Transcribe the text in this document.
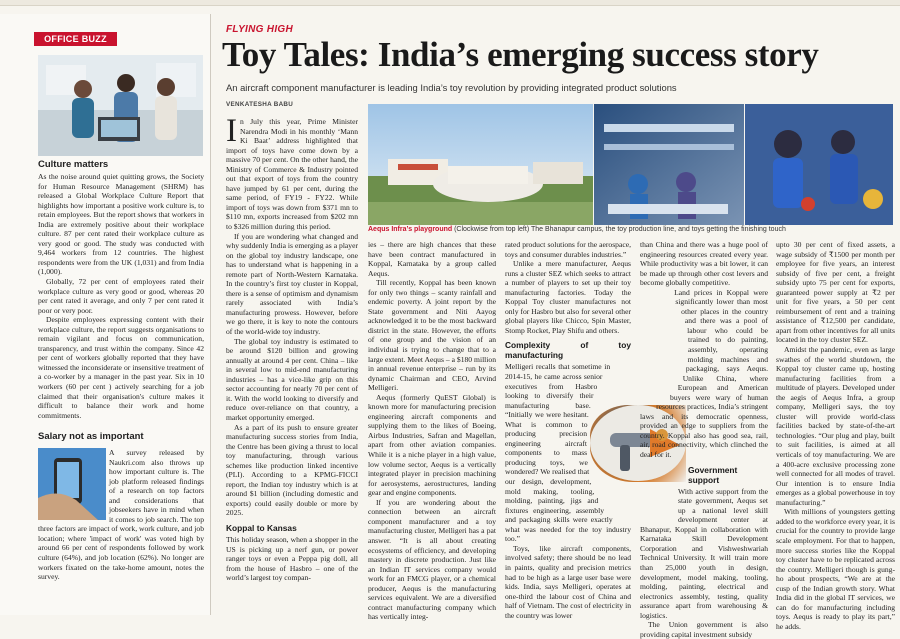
OFFICE BUZZ
Culture matters

As the noise around quiet quitting grows, the Society for Human Resource Management (SHRM) has released a Global Workplace Culture Report that highlights how important a positive work culture is, to retain employees. But the report shows that workers in India are extremely positive about their workplace culture. 87 per cent rated their workplace culture as very good or good. The study was conducted with 9,464 workers from 12 countries. The highest respondents were from the UK (1,031) and from India (1,000).

Globally, 72 per cent of employees rated their workplace culture as very good or good, whereas 20 per cent rated it average, and only 7 per cent rated it poor or very poor.

Despite employees expressing content with their workplace culture, the report suggests organisations to remain vigilant and focus on communication, transparency, and trust within the company. Since 42 per cent of workers globally reported that they have witnessed the inconsiderate or insensitive treatment of a co-worker by a manager in the past year. Six in 10 workers (60 per cent ) actively searching for a job claimed that their organisation's culture makes it difficult to balance their work and home commitments.

Salary not as important

A survey released by Naukri.com also throws up how important culture is. The job platform released findings of a research on top factors and considerations that jobseekers have in mind when it comes to job search. The top three factors are impact of work, work culture, and job location; where 'impact of work' was voted high by around 66 per cent of respondents followed by work culture (64%), and job location (62%). No longer are workers fixated on the take-home amount, notes the survey.

FLYING HIGH
Toy Tales: India’s emerging success story
An aircraft component manufacturer is leading India’s toy revolution by providing integrated product solutions
VENKATESHA BABU
Aequs Infra’s playground (Clockwise from top left) The Bhanapur campus, the toy production line, and toys getting the finishing touch

In July this year, Prime Minister Narendra Modi in his monthly ‘Mann Ki Baat’ address highlighted that import of toys have come down by a massive 70 per cent. On the other hand, the Ministry of Commerce & Industry pointed out that export of toys from the country have jumped by 61 per cent, during the same period, of FY19 - FY22. While import of toys was down from $371 mn to $110 mn, exports increased from $202 mn to $326 million during this period.

If you are wondering what changed and why suddenly India is emerging as a player on the global toy industry landscape, one has to understand what is happening in a remote part of North-Western Karnataka. In the country’s first toy cluster in Koppal, there is a sense of optimism and dynamism rarely associated with India’s manufacturing prowess. However, before we go there, it is key to note the contours of the world-wide toy industry.

The global toy industry is estimated to be around $120 billion and growing annually at around 4 per cent. China – like in several low to mid-end manufacturing industries – has a vice-like grip on this sector accounting for nearly 70 per cent of it. With the world looking to diversify and reduce over-reliance on that country, a market opportunity emerged.

As a part of its push to ensure greater manufacturing success stories from India, the Centre has been giving a thrust to local toy manufacturing, through various schemes like production linked incentive (PLI). According to a KPMG-FICCI report, the Indian toy industry which is at around $1 billion (including domestic and exports) could easily double or more by 2025.

Koppal to Kansas

This holiday season, when a shopper in the US is picking up a nerf gun, or power ranger toys or even a Peppa pig doll, all from the house of Hasbro – one of the world’s largest toy compan-

ies – there are high chances that these have been contract manufactured in Koppal, Karnataka by a group called Aequs.

Till recently, Koppal has been known for only two things – scanty rainfall and endemic poverty. A joint report by the State government and Niti Aayog acknowledged it to be the most backward district in the state. However, the efforts of one group and the vision of an individual is trying to change that to a large extent. Meet Aequs – a $180 million in annual revenue enterprise – run by its dynamic Chairman and CEO, Arvind Melligeri.

Aequs (formerly QuEST Global) is known more for manufacturing precision engineering aircraft components and supplying them to the likes of Boeing, Airbus Industries, Safran and Magellan, apart from other aviation companies. While it is a niche player in a high value, low volume sector, Aequs is a vertically integrated player in precision machining for aerosystems, aerostructures, landing gear and engine components.

If you are wondering about the connection between an aircraft component manufacturer and a toy manufacturing cluster, Melligeri has a pat answer. “It is all about creating ecosystems of efficiency, and developing mastery in discrete production. Just like an Indian IT services company would work for an FMCG player, or a chemical producer, Aequs is the manufacturing services equivalent. We are a diversified contract manufacturing company which has vertically integ-

rated product solutions for the aerospace, toys and consumer durables industries.”

Unlike a mere manufacturer, Aequs runs a cluster SEZ which seeks to attract a number of players to set up their toy manufacturing factories. Today the Koppal Toy cluster manufactures not only for Hasbro but also for several other global players like Chicco, Spin Master, Stomp Rocket, Play Shifu and others.

Complexity of toy manufacturing

Melligeri recalls that sometime in 2014-15, he came across senior executives from Hasbro looking to diversify their manufacturing base. “Initially we were hesitant. What is common to producing precision engineering aircraft components to mass producing toys, we wondered? We realised that our design, development, mold making, tooling, molding, painting, jigs and fixtures engineering, assembly and packaging skills were exactly what was needed for the toy industry too.”

Toys, like aircraft components, involved safety; there should be no lead in paints, quality and precision metrics had to be high as a large user base were kids. India, says Melligeri, operates at one-third the labour cost of China and half of Vietnam. The cost of electricity in the country was lower

than China and there was a huge pool of engineering resources created every year. While productivity was a bit lower, it can be made up through other cost levers and become globally competitive.

Land prices in Koppal were significantly lower than most other places in the country and there was a pool of labour who could be trained to do painting, assembly, operating molding machines and packaging, says Aequs. Unlike China, where European and American buyers were wary of human resources practices, India’s stringent laws and its democratic openness, provided an edge to suppliers from the country. Koppal also has good sea, rail, air, road connectivity, which clinched the deal for it.

Government support

With active support from the state government, Aequs set up a national level skill development center at Bhanapur, Koppal in collaboration with Karnataka Skill Development Corporation and Vishweshwariah Technical University. It will train more than 25,000 youth in design, development, model making, tooling, molding, painting, electrical and electronics assembly, testing, quality assurance apart from warehousing & logistics.

The Union government is also providing capital investment subsidy

upto 30 per cent of fixed assets, a wage subsidy of ₹1500 per month per employee for five years, an interest subsidy of five per cent, a freight subsidy upto 75 per cent for exports, guaranteed power supply at ₹2 per unit for five years, a 50 per cent reimbursement of rent and a training assistance of ₹12,500 per candidate, apart from other incentives for all units located in the toy cluster SEZ.

Amidst the pandemic, even as large swathes of the world shutdown, the Koppal toy cluster came up, hosting manufacturing facilities from a multitude of players. Developed under the aegis of Aequs Infra, a group company, Melligeri says, the toy cluster will provide world-class facilities backed by state-of-the-art technologies. “Our plug and play, built to suit facilities, is aimed at all verticals of toy manufacturing. We are a 400-acre exclusive processing zone well connected for all modes of travel. Our intention is to ensure India emerges as a global powerhouse in toy manufacturing.”

With millions of youngsters getting added to the workforce every year, it is crucial for the country to provide large scale employment. For that to happen, more success stories like the Koppal toy cluster have to be replicated across the country. Melligeri though is gung-ho about prospects, “We are at the cusp of the Indian growth story. What India did in the global IT services, we can do for manufacturing including toys. Aequs is ready to play its part,” he adds.
